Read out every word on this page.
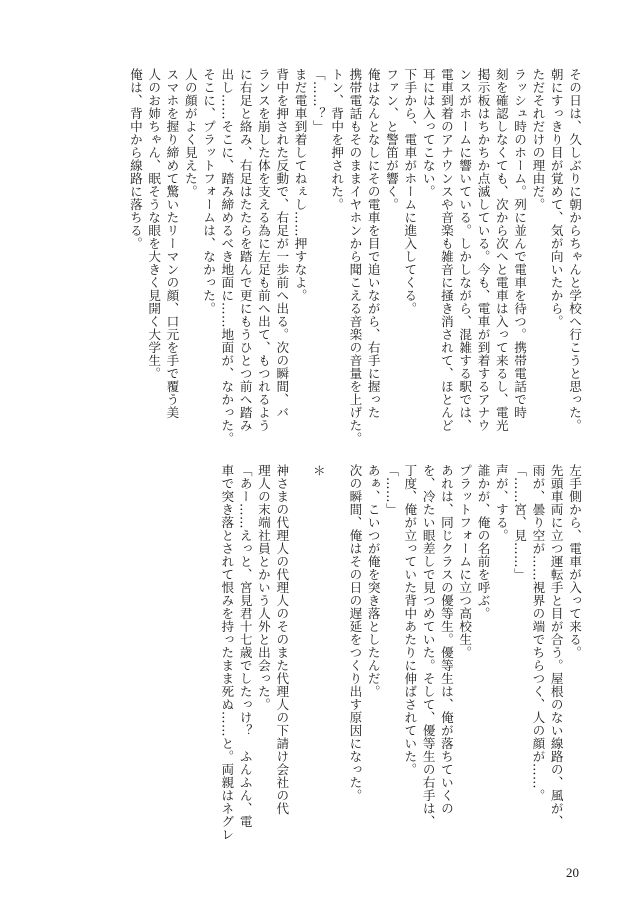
その日は、久しぶりに朝からちゃんと学校へ行こうと思った。
朝にすっきり目が覚めて、気が向いたから。
ただそれだけの理由だ。
ラッシュ時のホーム。列に並んで電車を待つ。携帯電話で時
刻を確認しなくても、次から次へと電車は入って来るし、電光
掲示板はちかちか点滅している。今も、電車が到着するアナウ
ンスがホームに響いている。しかしながら、混雑する駅では、
電車到着のアナウンスや音楽も雑音に掻き消されて、ほとんど
耳には入ってこない。
下手から、電車がホームに進入してくる。
ファン、と警笛が響く。
俺はなんとなしにその電車を目で追いながら、右手に握った
携帯電話もそのままイヤホンから聞こえる音楽の音量を上げた。
トン、背中を押された。
「……？」
まだ電車到着してねぇし……押すなよ。
背中を押された反動で、右足が一歩前へ出る。次の瞬間、バ
ランスを崩した体を支える為に左足も前へ出て、もつれるよう
に右足と絡み、右足はたたらを踏んで更にもうひとつ前へ踏み
出し……そこに、踏み締めるべき地面に……地面が、なかった。
そこに、プラットフォームは、なかった。
人の顔がよく見えた。
スマホを握り締めて驚いたリーマンの顔、口元を手で覆う美
人のお姉ちゃん、眠そうな眼を大きく見開く大学生。
俺は、背中から線路に落ちる。
左手側から、電車が入って来る。
先頭車両に立つ運転手と目が合う。屋根のない線路の、風が、
雨が、曇り空が……視界の端でちらつく、人の顔が……。
「……宮、見……」
声が、する。
誰かが、俺の名前を呼ぶ。
プラットフォームに立つ高校生。
あれは、同じクラスの優等生。優等生は、俺が落ちていくの
を、冷たい眼差しで見つめていた。そして、優等生の右手は、
丁度、俺が立っていた背中あたりに伸ばされていた。
「……」
あぁ、こいつが俺を突き落としたんだ。
次の瞬間、俺はその日の遅延をつくり出す原因になった。

＊

神さまの代理人の代理人のそのまた代理人の下請け会社の代
理人の末端社員とかいう人外と出会った。
「あー……えっと、宮見君十七歳でしたっけ？　ふんふん、電
車で突き落とされて恨みを持ったまま死ぬ……と。両親はネグレ
20
